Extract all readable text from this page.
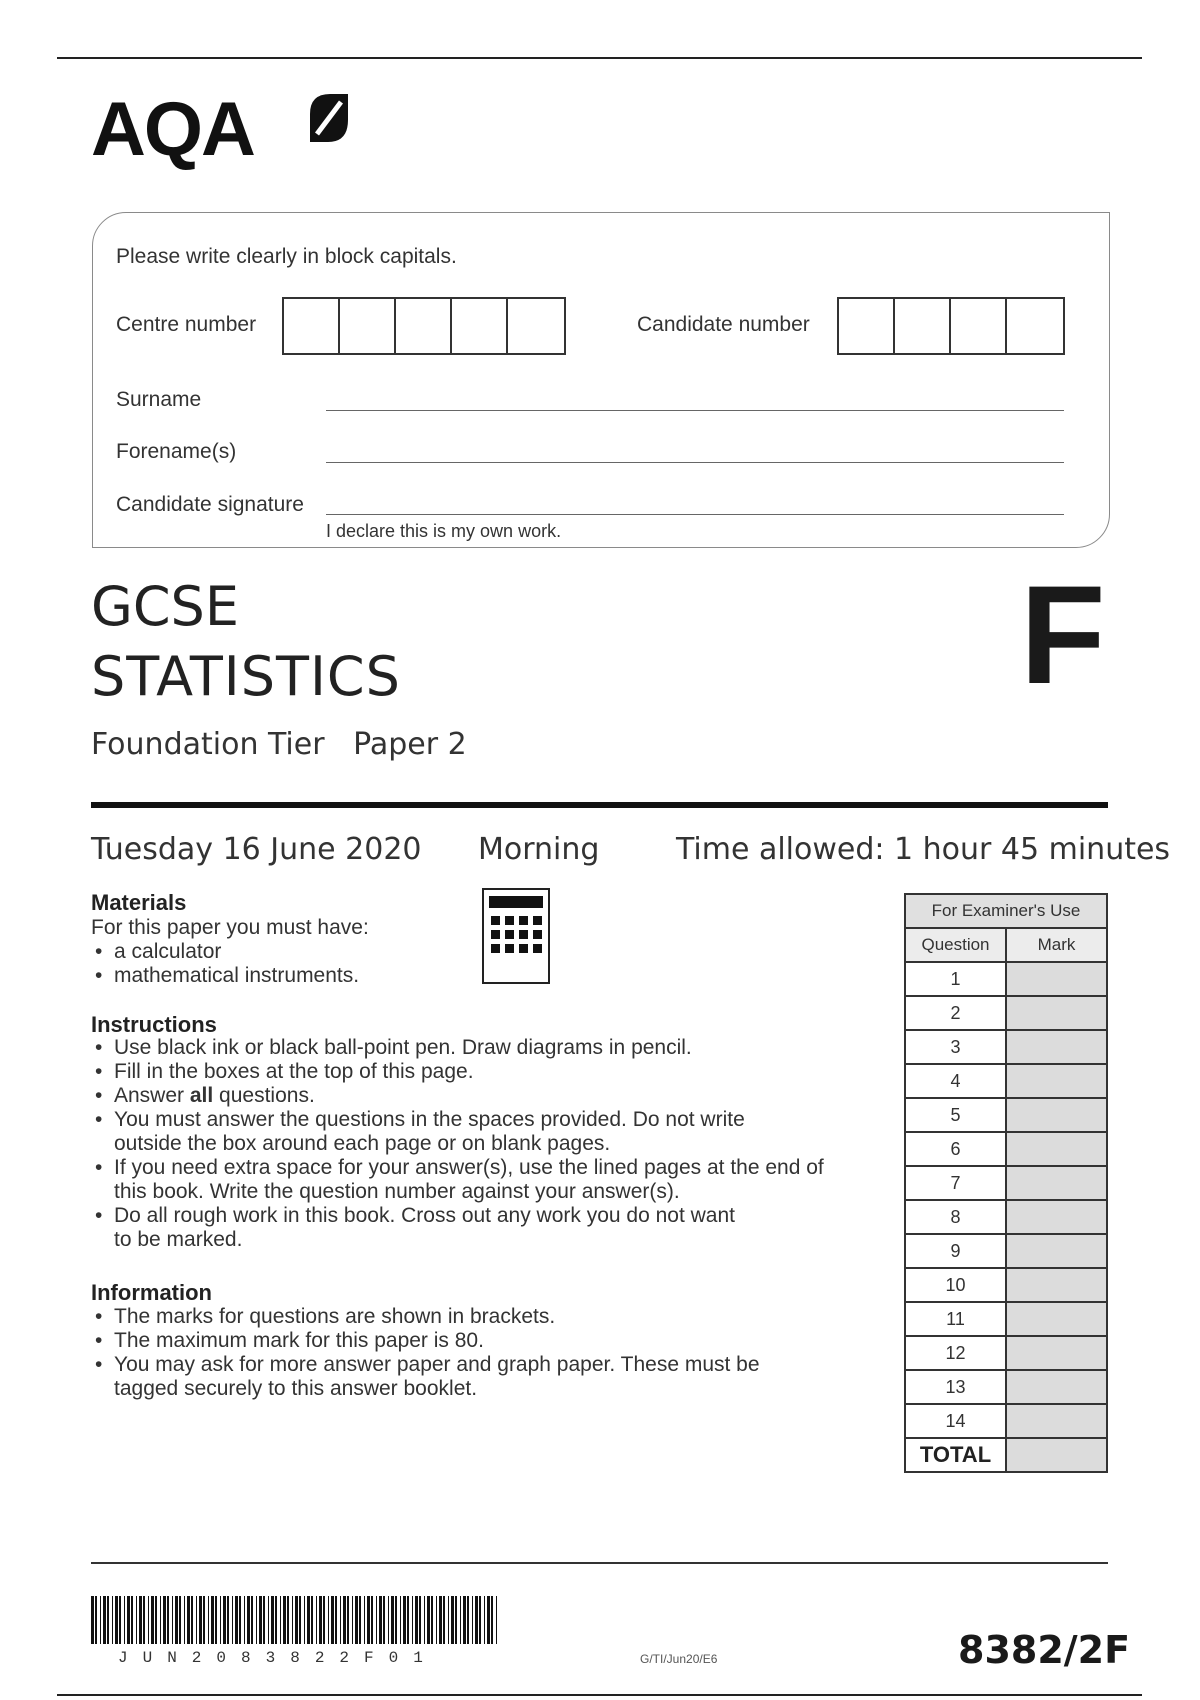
AQA
Please write clearly in block capitals.
Centre number	Candidate number
Surname
Forename(s)
Candidate signature
I declare this is my own work.
GCSE
STATISTICS
Foundation Tier   Paper 2
F
Tuesday 16 June 2020 Morning	Time allowed: 1 hour 45 minutes
Materials
For this paper you must have:
• a calculator
• mathematical instruments.
Instructions
• Use black ink or black ball-point pen. Draw diagrams in pencil.
• Fill in the boxes at the top of this page.
• Answer all questions.
• You must answer the questions in the spaces provided. Do not write
outside the box around each page or on blank pages.
• If you need extra space for your answer(s), use the lined pages at the end of
this book. Write the question number against your answer(s).
• Do all rough work in this book. Cross out any work you do not want
to be marked.
Information
• The marks for questions are shown in brackets.
• The maximum mark for this paper is 80.
• You may ask for more answer paper and graph paper. These must be
tagged securely to this answer booklet.
For Examiner's Use	
Question	Mark
1	
2	
3	
4	
5	
6	
7	
8	
9	
10	
11	
12	
13	
14	
TOTAL	
JUN2083822F01	G/TI/Jun20/E6	8382/2F
